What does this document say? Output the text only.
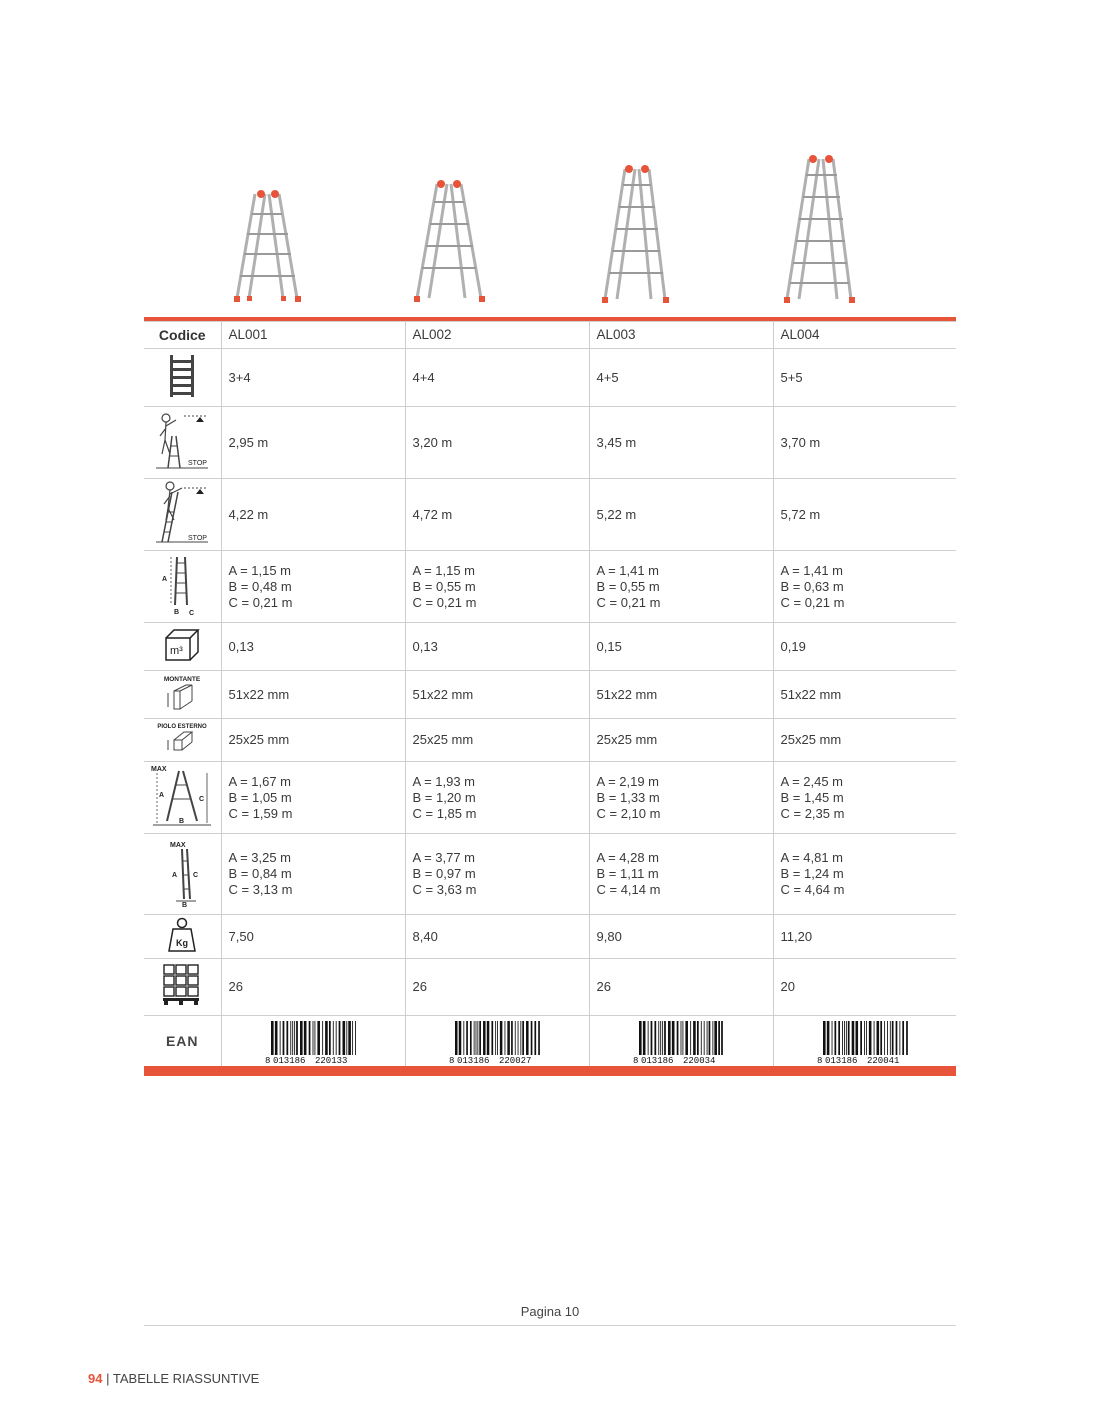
Codice	AL001	AL002	AL003	AL004
	3+4	4+4	4+5	5+5

STOP	2,95 m	3,20 m	3,45 m	3,70 m

STOP	4,22 m	4,72 m	5,22 m	5,72 m

A
B C	A = 1,15 m
B = 0,48 m
C = 0,21 m	A = 1,15 m
B = 0,55 m
C = 0,21 m	A = 1,41 m
B = 0,55 m
C = 0,21 m	A = 1,41 m
B = 0,63 m
C = 0,21 m

m³	0,13	0,13	0,15	0,19

MONTANTE	51x22 mm	51x22 mm	51x22 mm	51x22 mm

PIOLO ESTERNO	25x25 mm	25x25 mm	25x25 mm	25x25 mm

MAX
A
C
B	A = 1,67 m
B = 1,05 m
C = 1,59 m	A = 1,93 m
B = 1,20 m
C = 1,85 m	A = 2,19 m
B = 1,33 m
C = 2,10 m	A = 2,45 m
B = 1,45 m
C = 2,35 m

MAX
A C
B	A = 3,25 m
B = 0,84 m
C = 3,13 m	A = 3,77 m
B = 0,97 m
C = 3,63 m	A = 4,28 m
B = 1,11 m
C = 4,14 m	A = 4,81 m
B = 1,24 m
C = 4,64 m

Kg	7,50	8,40	9,80	11,20
	26	26	26	20
EAN	8 013186 220133	8 013186 220027	8 013186 220034	8 013186 220041
Pagina 10
94 | TABELLE RIASSUNTIVE
